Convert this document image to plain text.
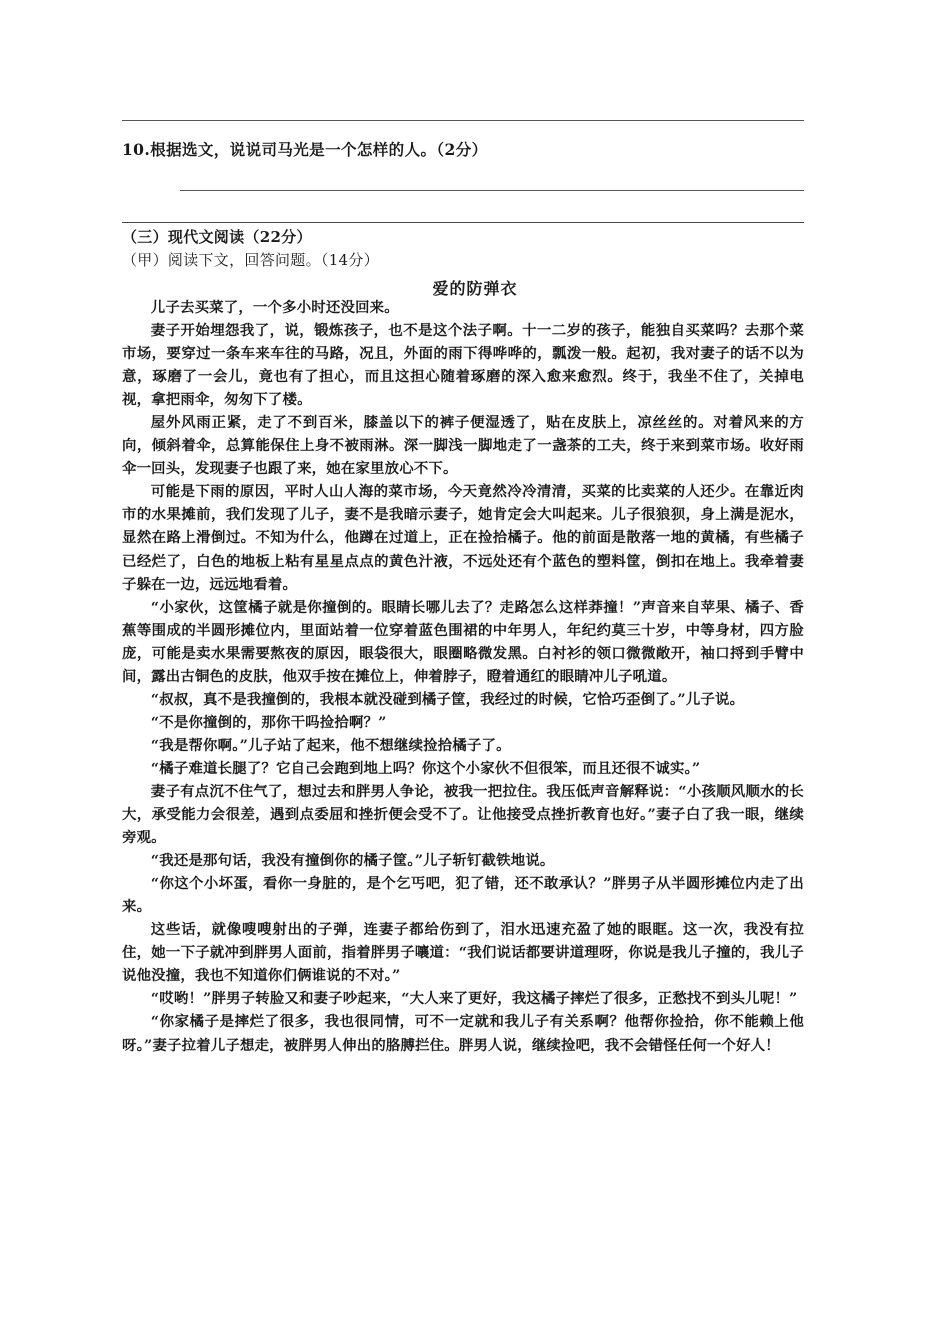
10.根据选文，说说司马光是一个怎样的人。（2分）
（三）现代文阅读（22分）
（甲）阅读下文，回答问题。（14分）
爱的防弹衣

儿子去买菜了，一个多小时还没回来。

妻子开始埋怨我了，说，锻炼孩子，也不是这个法子啊。十一二岁的孩子，能独自买菜吗？去那个菜市场，要穿过一条车来车往的马路，况且，外面的雨下得哗哗的，瓢泼一般。起初，我对妻子的话不以为意，琢磨了一会儿，竟也有了担心，而且这担心随着琢磨的深入愈来愈烈。终于，我坐不住了，关掉电视，拿把雨伞，匆匆下了楼。

屋外风雨正紧，走了不到百米，膝盖以下的裤子便湿透了，贴在皮肤上，凉丝丝的。对着风来的方向，倾斜着伞，总算能保住上身不被雨淋。深一脚浅一脚地走了一盏茶的工夫，终于来到菜市场。收好雨伞一回头，发现妻子也跟了来，她在家里放心不下。

可能是下雨的原因，平时人山人海的菜市场，今天竟然冷冷清清，买菜的比卖菜的人还少。在靠近肉市的水果摊前，我们发现了儿子，妻不是我暗示妻子，她肯定会大叫起来。儿子很狼狈，身上满是泥水，显然在路上滑倒过。不知为什么，他蹲在过道上，正在捡拾橘子。他的前面是散落一地的黄橘，有些橘子已经烂了，白色的地板上粘有星星点点的黄色汁液，不远处还有个蓝色的塑料筐，倒扣在地上。我牵着妻子躲在一边，远远地看着。

“小家伙，这筐橘子就是你撞倒的。眼睛长哪儿去了？走路怎么这样莽撞！”声音来自苹果、橘子、香蕉等围成的半圆形摊位内，里面站着一位穿着蓝色围裙的中年男人，年纪约莫三十岁，中等身材，四方脸庞，可能是卖水果需要熬夜的原因，眼袋很大，眼圈略微发黑。白衬衫的领口微微敞开，袖口捋到手臂中间，露出古铜色的皮肤，他双手按在摊位上，伸着脖子，瞪着通红的眼睛冲儿子吼道。

“叔叔，真不是我撞倒的，我根本就没碰到橘子筐，我经过的时候，它恰巧歪倒了。”儿子说。

“不是你撞倒的，那你干吗捡拾啊？”

“我是帮你啊。”儿子站了起来，他不想继续捡拾橘子了。

“橘子难道长腿了？它自己会跑到地上吗？你这个小家伙不但很笨，而且还很不诚实。”

妻子有点沉不住气了，想过去和胖男人争论，被我一把拉住。我压低声音解释说：“小孩顺风顺水的长大，承受能力会很差，遇到点委屈和挫折便会受不了。让他接受点挫折教育也好。”妻子白了我一眼，继续旁观。

“我还是那句话，我没有撞倒你的橘子筐。”儿子斩钉截铁地说。

“你这个小坏蛋，看你一身脏的，是个乞丐吧，犯了错，还不敢承认？”胖男子从半圆形摊位内走了出来。

这些话，就像嗖嗖射出的子弹，连妻子都给伤到了，泪水迅速充盈了她的眼眶。这一次，我没有拉住，她一下子就冲到胖男人面前，指着胖男子嚷道：“我们说话都要讲道理呀，你说是我儿子撞的，我儿子说他没撞，我也不知道你们俩谁说的不对。”

“哎哟！”胖男子转脸又和妻子吵起来，“大人来了更好，我这橘子摔烂了很多，正愁找不到头儿呢！”

“你家橘子是摔烂了很多，我也很同情，可不一定就和我儿子有关系啊？他帮你捡拾，你不能赖上他呀。”妻子拉着儿子想走，被胖男人伸出的胳膊拦住。胖男人说，继续捡吧，我不会错怪任何一个好人！
